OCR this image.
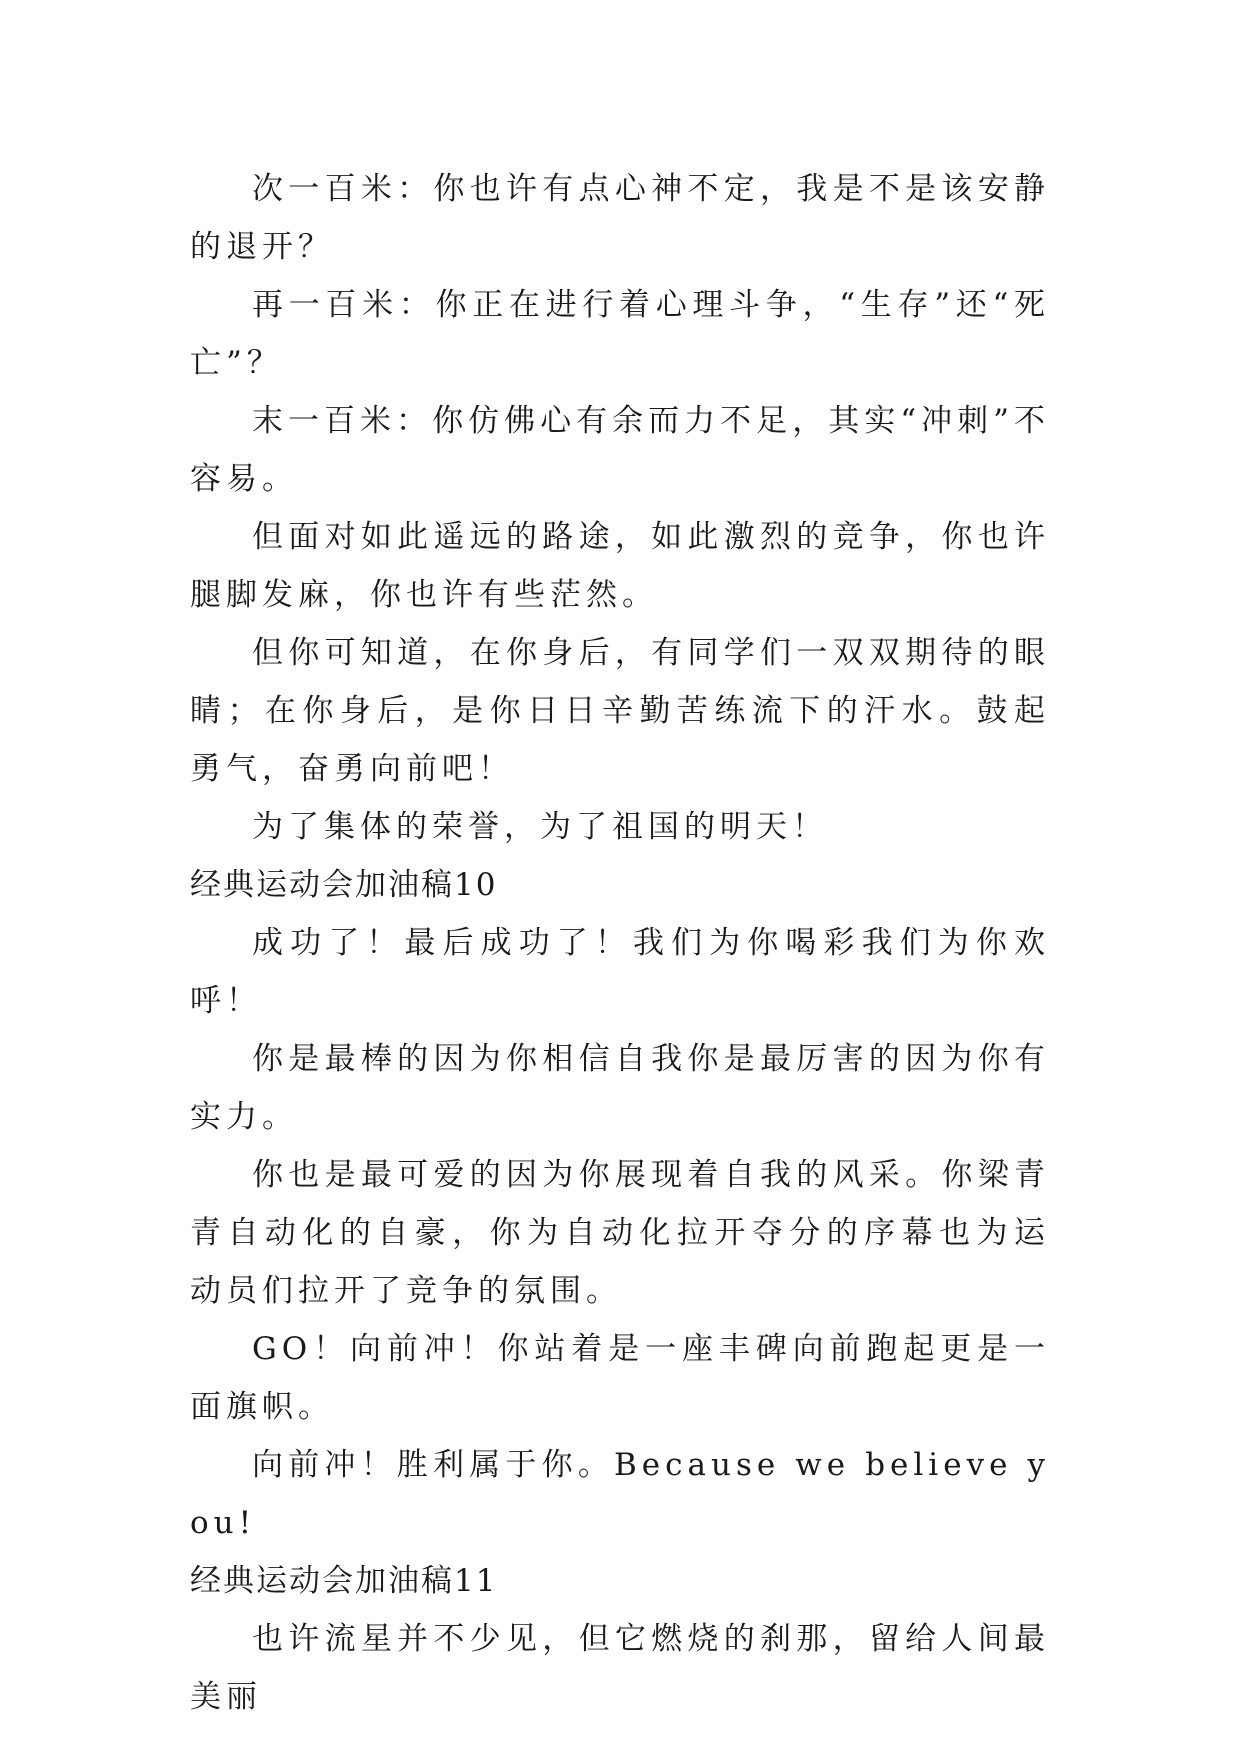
次一百米：你也许有点心神不定，我是不是该安静的退开？

再一百米：你正在进行着心理斗争，“生存”还“死亡”？

末一百米：你仿佛心有余而力不足，其实“冲刺”不容易。

但面对如此遥远的路途，如此激烈的竞争，你也许腿脚发麻，你也许有些茫然。

但你可知道，在你身后，有同学们一双双期待的眼睛；在你身后，是你日日辛勤苦练流下的汗水。鼓起勇气，奋勇向前吧！

为了集体的荣誉，为了祖国的明天！

经典运动会加油稿10

成功了！最后成功了！我们为你喝彩我们为你欢呼！

你是最棒的因为你相信自我你是最厉害的因为你有实力。

你也是最可爱的因为你展现着自我的风采。你梁青青自动化的自豪，你为自动化拉开夺分的序幕也为运动员们拉开了竞争的氛围。

GO！向前冲！你站着是一座丰碑向前跑起更是一面旗帜。

向前冲！胜利属于你。Because we believe you!

经典运动会加油稿11

也许流星并不少见，但它燃烧的刹那，留给人间最美丽
